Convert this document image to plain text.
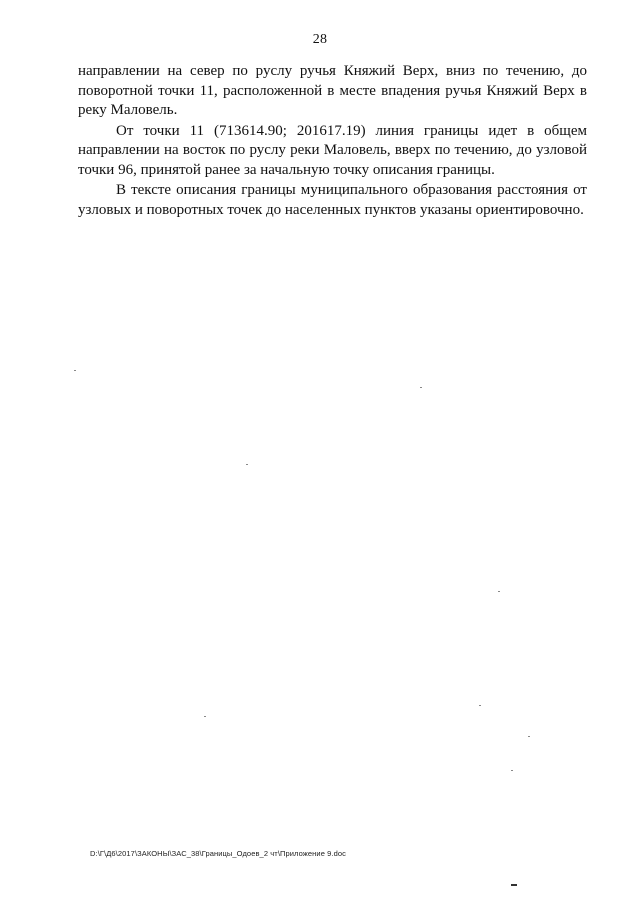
28
направлении на север по руслу ручья Княжий Верх, вниз по течению, до
поворотной точки 11, расположенной в месте впадения ручья Княжий Верх в
реку Маловель.
От точки 11 (713614.90; 201617.19) линия границы идет в общем
направлении на восток по руслу реки Маловель, вверх по течению, до узловой
точки 96, принятой ранее за начальную точку описания границы.
В тексте описания границы муниципального образования расстояния от
узловых и поворотных точек до населенных пунктов указаны ориентировочно.
D:\Г\Д6\2017\ЗАКОНЫ\ЗАС_38\Границы_Одоев_2 чт\Приложение 9.doc
